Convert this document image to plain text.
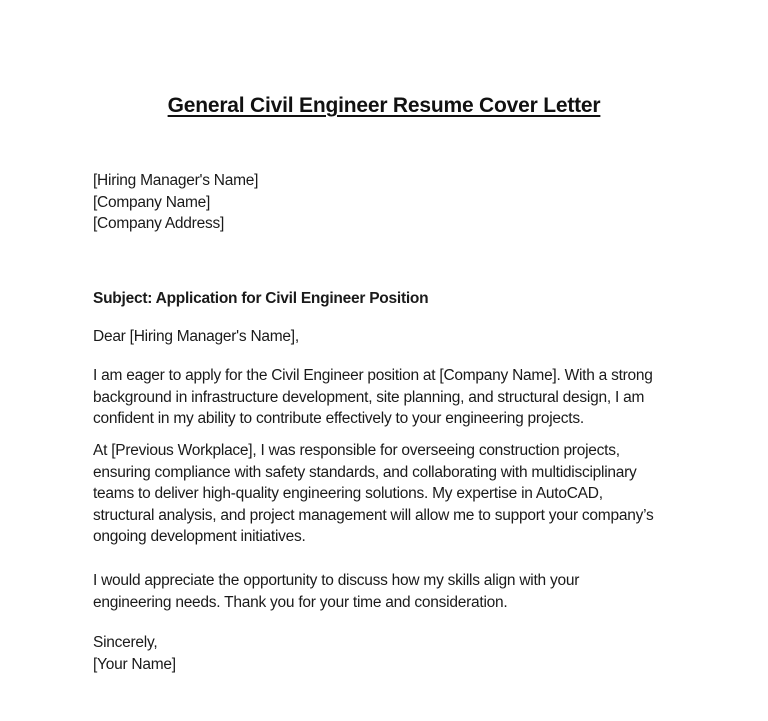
General Civil Engineer Resume Cover Letter
[Hiring Manager's Name]
[Company Name]
[Company Address]
Subject: Application for Civil Engineer Position
Dear [Hiring Manager's Name],
I am eager to apply for the Civil Engineer position at [Company Name]. With a strong
background in infrastructure development, site planning, and structural design, I am
confident in my ability to contribute effectively to your engineering projects.
At [Previous Workplace], I was responsible for overseeing construction projects,
ensuring compliance with safety standards, and collaborating with multidisciplinary
teams to deliver high-quality engineering solutions. My expertise in AutoCAD,
structural analysis, and project management will allow me to support your company’s
ongoing development initiatives.
I would appreciate the opportunity to discuss how my skills align with your
engineering needs. Thank you for your time and consideration.
Sincerely,
[Your Name]
